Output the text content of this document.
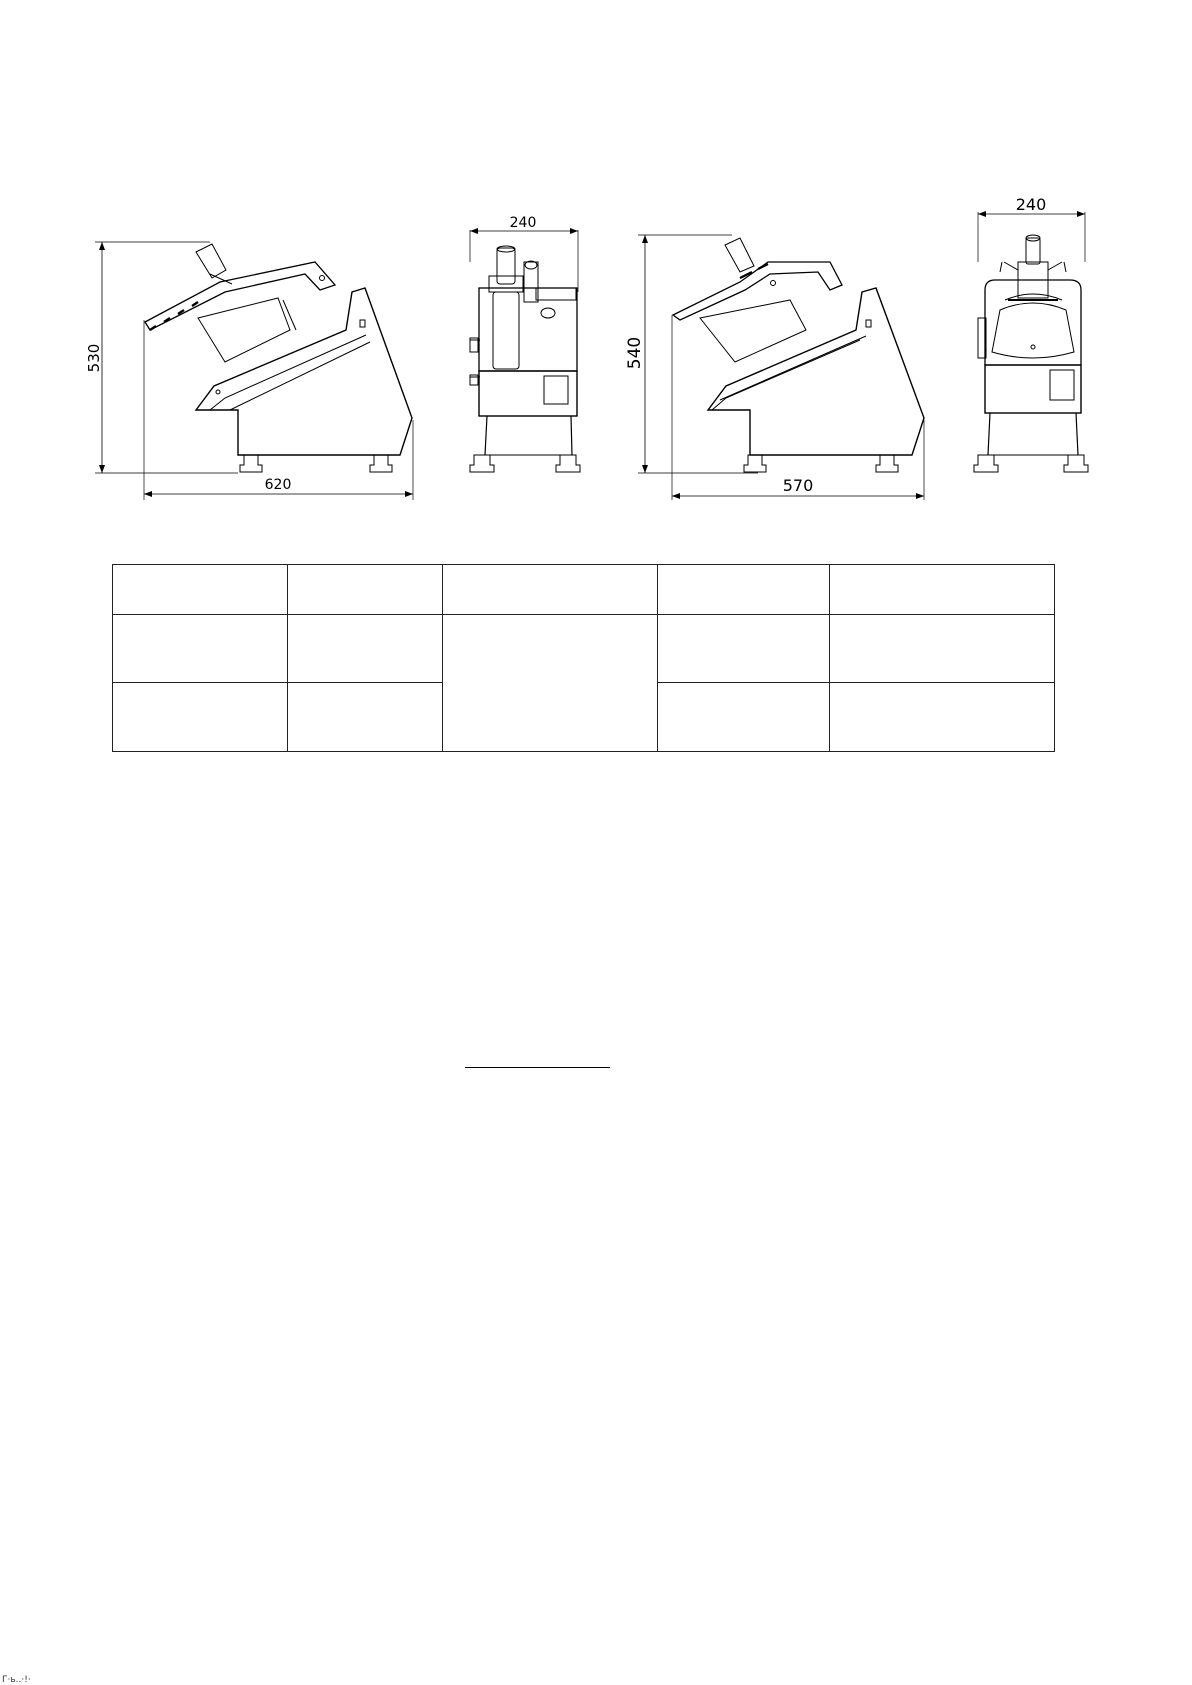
530
620
240
540
570
240

Г·ь..·!·
